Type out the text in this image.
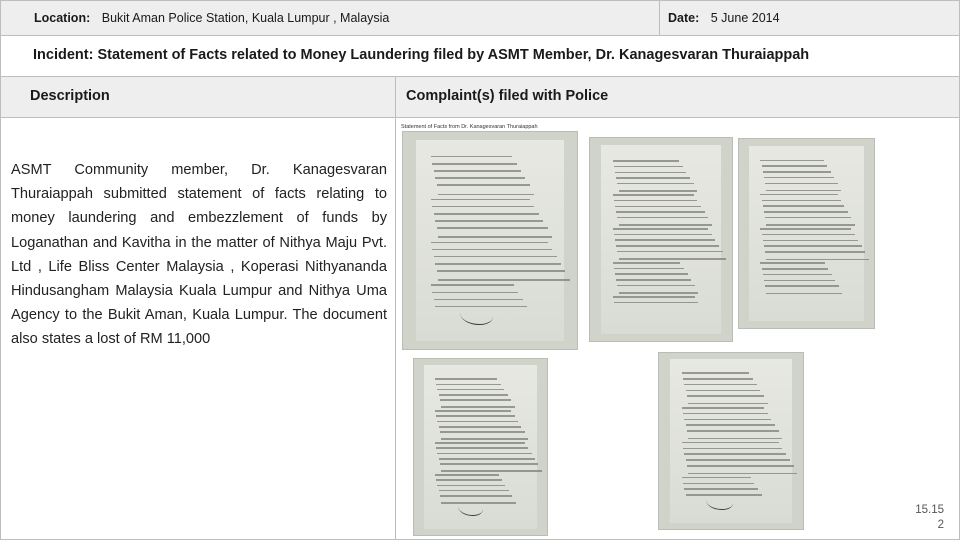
Location: Bukit Aman Police Station, Kuala Lumpur , Malaysia	Date: 5 June 2014
Incident: Statement of Facts related to Money Laundering filed by ASMT Member, Dr. Kanagesvaran Thuraiappah
Description	Complaint(s) filed with Police
ASMT Community member, Dr. Kanagesvaran Thuraiappah submitted statement of facts relating to money laundering and embezzlement of funds by Loganathan and Kavitha in the matter of Nithya Maju Pvt. Ltd , Life Bliss Center Malaysia , Koperasi Nithyananda Hindusangham Malaysia Kuala Lumpur and Nithya Uma Agency to the Bukit Aman, Kuala Lumpur. The document also states a lost of RM 11,000
Statement of Facts from Dr. Kanagesvaran Thuraiappah
15.15
2
